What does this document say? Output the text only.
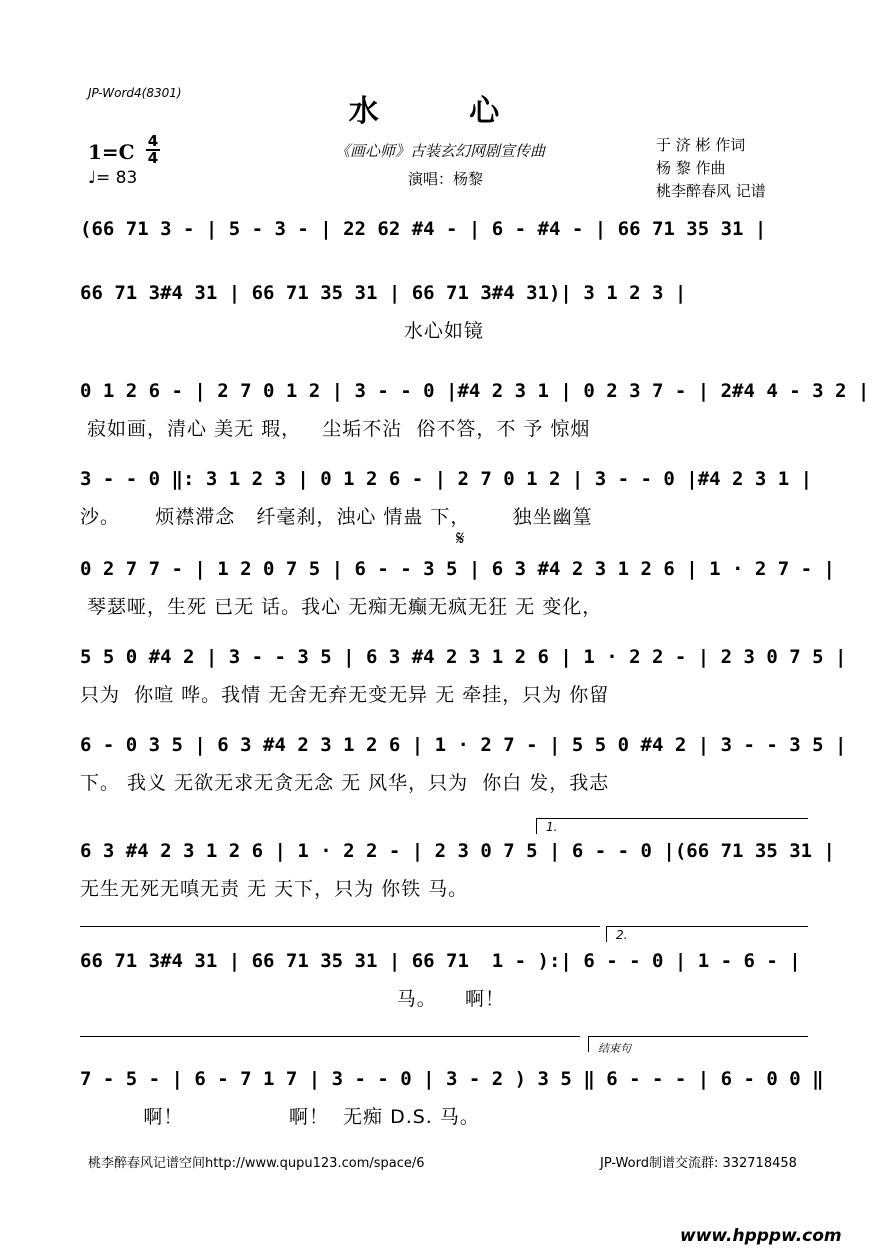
JP-Word4(8301)
水 心
1=C 4
4
♩= 83
《画心师》古装玄幻网剧宣传曲
演唱：杨黎
于 济 彬 作词
杨 黎 作曲
桃李醉春风 记谱
(66 71 3 - | 5 - 3 - | 22 62 #4 - | 6 - #4 - | 66 71 35 31 |
66 71 3#4 31 | 66 71 35 31 | 66 71 3#4 31)| 3 1 2 3 |
水心如镜
0 1 2 6 - | 2 7 0 1 2 | 3 - - 0 |#4 2 3 1 | 0 2 3 7 - | 2#4 4 - 3 2 |
寂如画，清心 美无 瑕，   尘垢不沾  俗不答，不 予 惊烟
3 - - 0 ‖: 3 1 2 3 | 0 1 2 6 - | 2 7 0 1 2 | 3 - - 0 |#4 2 3 1 |
沙。     烦襟滞念   纤毫刹，浊心 情蛊 下，      独坐幽篁
𝄋
0 2 7 7 - | 1 2 0 7 5 | 6 - - 3 5 | 6 3 #4 2 3 1 2 6 | 1 · 2 7 - |
琴瑟哑，生死 已无 话。我心 无痴无癫无疯无狂 无 变化，
5 5 0 #4 2 | 3 - - 3 5 | 6 3 #4 2 3 1 2 6 | 1 · 2 2 - | 2 3 0 7 5 |
只为  你喧 哗。我情 无舍无弃无变无异 无 牵挂，只为 你留
6 - 0 3 5 | 6 3 #4 2 3 1 2 6 | 1 · 2 7 - | 5 5 0 #4 2 | 3 - - 3 5 |
下。 我义 无欲无求无贪无念 无 风华，只为  你白 发，我志
1.
6 3 #4 2 3 1 2 6 | 1 · 2 2 - | 2 3 0 7 5 | 6 - - 0 |(66 71 35 31 |
无生无死无嗔无责 无 天下，只为 你铁 马。
2.
66 71 3#4 31 | 66 71 35 31 | 66 71  1 - ):| 6 - - 0 | 1 - 6 - |
马。    啊！
结束句
7 - 5 - | 6 - 7 1 7 | 3 - - 0 | 3 - 2 ) 3 5 ‖ 6 - - - | 6 - 0 0 ‖
啊！               啊！  无痴 D.S. 马。
桃李醉春风记谱空间http://www.qupu123.com/space/6	JP-Word制谱交流群: 332718458
www.hpppw.com
